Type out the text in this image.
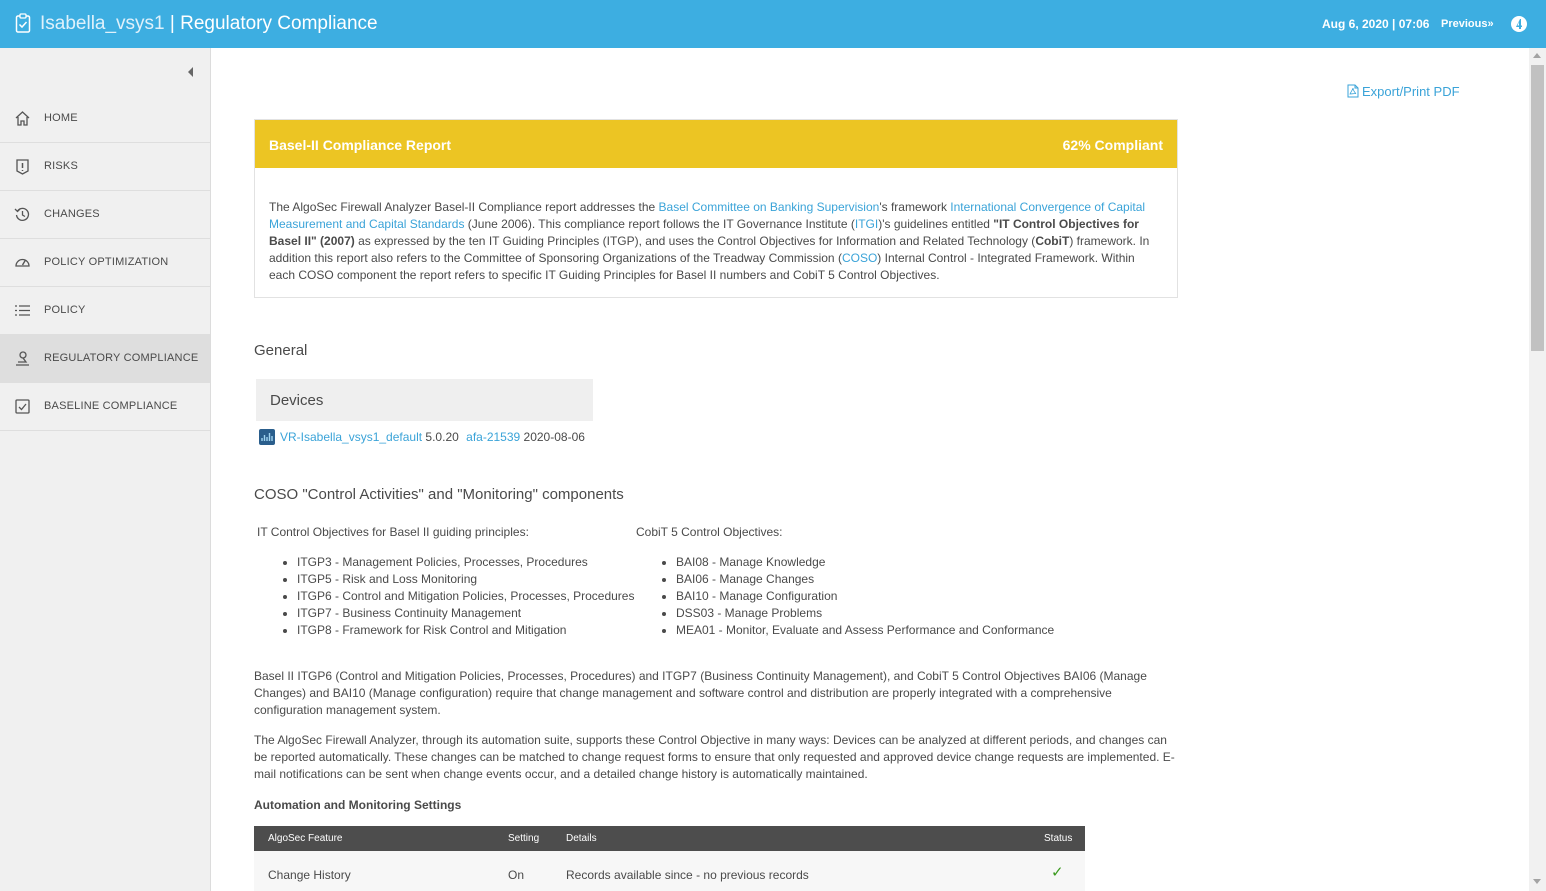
Isabella_vsys1 | Regulatory Compliance	Aug 6, 2020 | 07:06 Previous»
HOME
RISKS
CHANGES
POLICY OPTIMIZATION
POLICY
REGULATORY COMPLIANCE
BASELINE COMPLIANCE
Export/Print PDF
Basel-II Compliance Report	62% Compliant
The AlgoSec Firewall Analyzer Basel-II Compliance report addresses the Basel Committee on Banking Supervision's framework International Convergence of Capital Measurement and Capital Standards (June 2006). This compliance report follows the IT Governance Institute (ITGI)'s guidelines entitled "IT Control Objectives for Basel II" (2007) as expressed by the ten IT Guiding Principles (ITGP), and uses the Control Objectives for Information and Related Technology (CobiT) framework. In addition this report also refers to the Committee of Sponsoring Organizations of the Treadway Commission (COSO) Internal Control - Integrated Framework. Within each COSO component the report refers to specific IT Guiding Principles for Basel II numbers and CobiT 5 Control Objectives.
General
Devices
VR-Isabella_vsys1_default 5.0.20 afa-21539 2020-08-06
COSO "Control Activities" and "Monitoring" components
IT Control Objectives for Basel II guiding principles:	CobiT 5 Control Objectives:
• ITGP3 - Management Policies, Processes, Procedures
• ITGP5 - Risk and Loss Monitoring
• ITGP6 - Control and Mitigation Policies, Processes, Procedures
• ITGP7 - Business Continuity Management
• ITGP8 - Framework for Risk Control and Mitigation
• BAI08 - Manage Knowledge
• BAI06 - Manage Changes
• BAI10 - Manage Configuration
• DSS03 - Manage Problems
• MEA01 - Monitor, Evaluate and Assess Performance and Conformance
Basel II ITGP6 (Control and Mitigation Policies, Processes, Procedures) and ITGP7 (Business Continuity Management), and CobiT 5 Control Objectives BAI06 (Manage Changes) and BAI10 (Manage configuration) require that change management and software control and distribution are properly integrated with a comprehensive configuration management system.
The AlgoSec Firewall Analyzer, through its automation suite, supports these Control Objective in many ways: Devices can be analyzed at different periods, and changes can be reported automatically. These changes can be matched to change request forms to ensure that only requested and approved device change requests are implemented. E-mail notifications can be sent when change events occur, and a detailed change history is automatically maintained.
Automation and Monitoring Settings
AlgoSec Feature	Setting	Details	Status
Change History	On	Records available since - no previous records	✓
